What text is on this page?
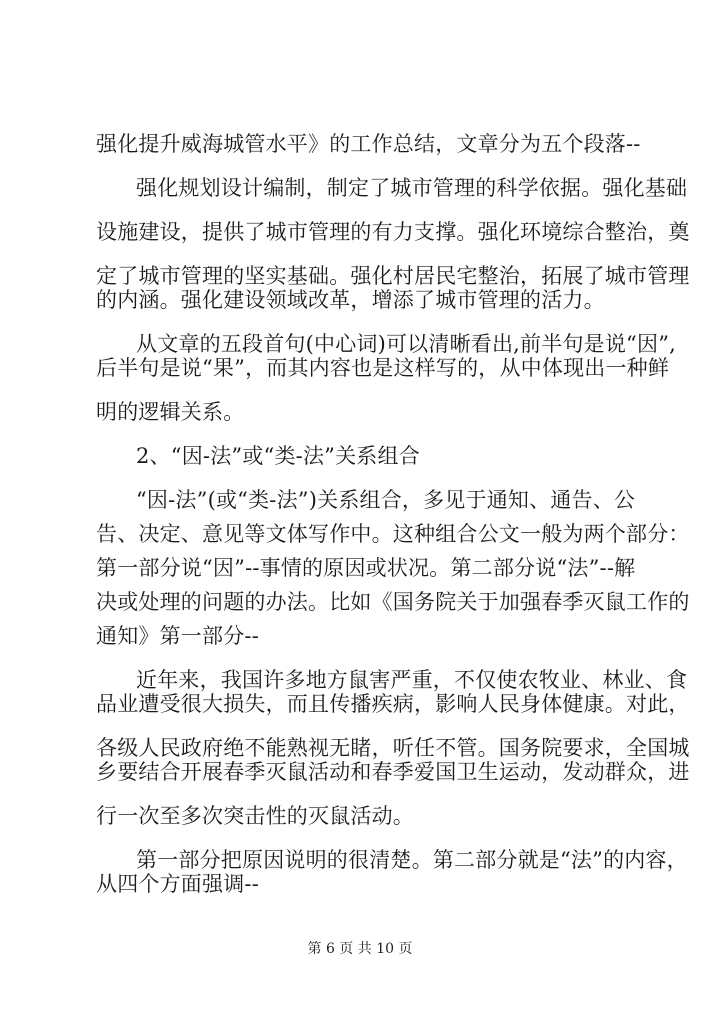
强化提升威海城管水平》的工作总结，文章分为五个段落--
强化规划设计编制，制定了城市管理的科学依据。强化基础
设施建设，提供了城市管理的有力支撑。强化环境综合整治，奠
定了城市管理的坚实基础。强化村居民宅整治，拓展了城市管理
的内涵。强化建设领域改革，增添了城市管理的活力。
从文章的五段首句(中心词)可以清晰看出,前半句是说“因”,
后半句是说“果”，而其内容也是这样写的，从中体现出一种鲜
明的逻辑关系。
2、“因-法”或“类-法”关系组合
“因-法”(或“类-法”)关系组合，多见于通知、通告、公
告、决定、意见等文体写作中。这种组合公文一般为两个部分：
第一部分说“因”--事情的原因或状况。第二部分说“法”--解
决或处理的问题的办法。比如《国务院关于加强春季灭鼠工作的
通知》第一部分--
近年来，我国许多地方鼠害严重，不仅使农牧业、林业、食
品业遭受很大损失，而且传播疾病，影响人民身体健康。对此，
各级人民政府绝不能熟视无睹，听任不管。国务院要求，全国城
乡要结合开展春季灭鼠活动和春季爱国卫生运动，发动群众，进
行一次至多次突击性的灭鼠活动。
第一部分把原因说明的很清楚。第二部分就是“法”的内容，
从四个方面强调--
第 6 页 共 10 页
